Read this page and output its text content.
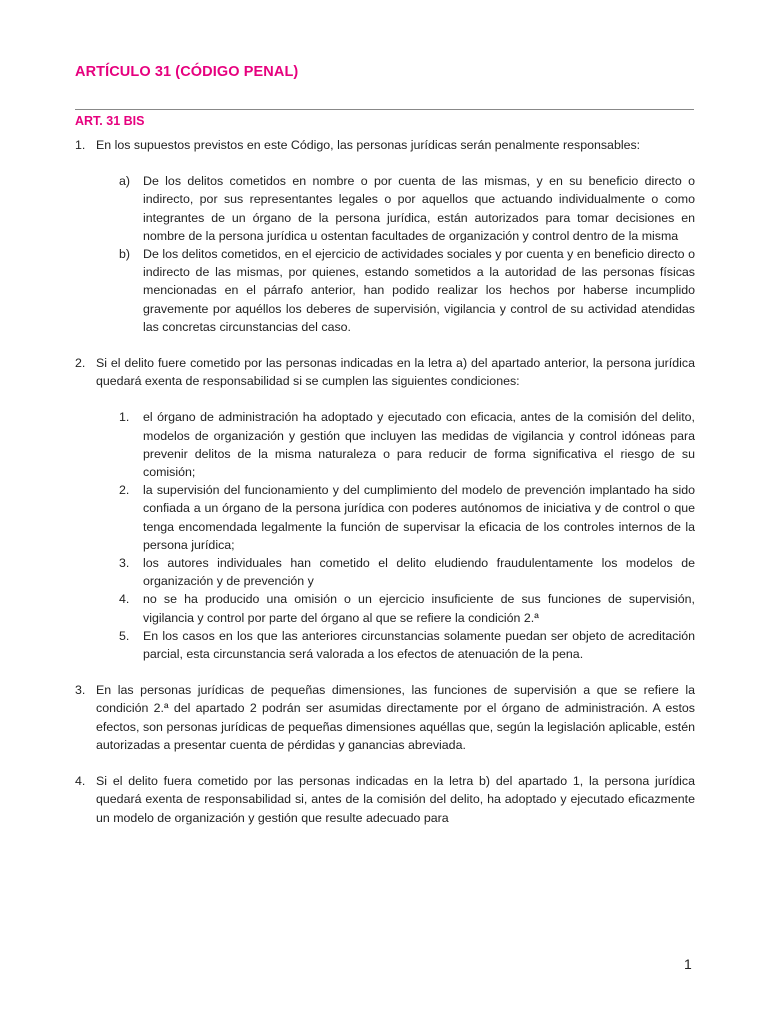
ARTÍCULO 31 (CÓDIGO PENAL)
ART. 31 BIS
1. En los supuestos previstos en este Código, las personas jurídicas serán penalmente responsables:
a) De los delitos cometidos en nombre o por cuenta de las mismas, y en su beneficio directo o indirecto, por sus representantes legales o por aquellos que actuando individualmente o como integrantes de un órgano de la persona jurídica, están autorizados para tomar decisiones en nombre de la persona jurídica u ostentan facultades de organización y control dentro de la misma
b) De los delitos cometidos, en el ejercicio de actividades sociales y por cuenta y en beneficio directo o indirecto de las mismas, por quienes, estando sometidos a la autoridad de las personas físicas mencionadas en el párrafo anterior, han podido realizar los hechos por haberse incumplido gravemente por aquéllos los deberes de supervisión, vigilancia y control de su actividad atendidas las concretas circunstancias del caso.
2. Si el delito fuere cometido por las personas indicadas en la letra a) del apartado anterior, la persona jurídica quedará exenta de responsabilidad si se cumplen las siguientes condiciones:
1. el órgano de administración ha adoptado y ejecutado con eficacia, antes de la comisión del delito, modelos de organización y gestión que incluyen las medidas de vigilancia y control idóneas para prevenir delitos de la misma naturaleza o para reducir de forma significativa el riesgo de su comisión;
2. la supervisión del funcionamiento y del cumplimiento del modelo de prevención implantado ha sido confiada a un órgano de la persona jurídica con poderes autónomos de iniciativa y de control o que tenga encomendada legalmente la función de supervisar la eficacia de los controles internos de la persona jurídica;
3. los autores individuales han cometido el delito eludiendo fraudulentamente los modelos de organización y de prevención y
4. no se ha producido una omisión o un ejercicio insuficiente de sus funciones de supervisión, vigilancia y control por parte del órgano al que se refiere la condición 2.ª
5. En los casos en los que las anteriores circunstancias solamente puedan ser objeto de acreditación parcial, esta circunstancia será valorada a los efectos de atenuación de la pena.
3. En las personas jurídicas de pequeñas dimensiones, las funciones de supervisión a que se refiere la condición 2.ª del apartado 2 podrán ser asumidas directamente por el órgano de administración. A estos efectos, son personas jurídicas de pequeñas dimensiones aquéllas que, según la legislación aplicable, estén autorizadas a presentar cuenta de pérdidas y ganancias abreviada.
4. Si el delito fuera cometido por las personas indicadas en la letra b) del apartado 1, la persona jurídica quedará exenta de responsabilidad si, antes de la comisión del delito, ha adoptado y ejecutado eficazmente un modelo de organización y gestión que resulte adecuado para
1
